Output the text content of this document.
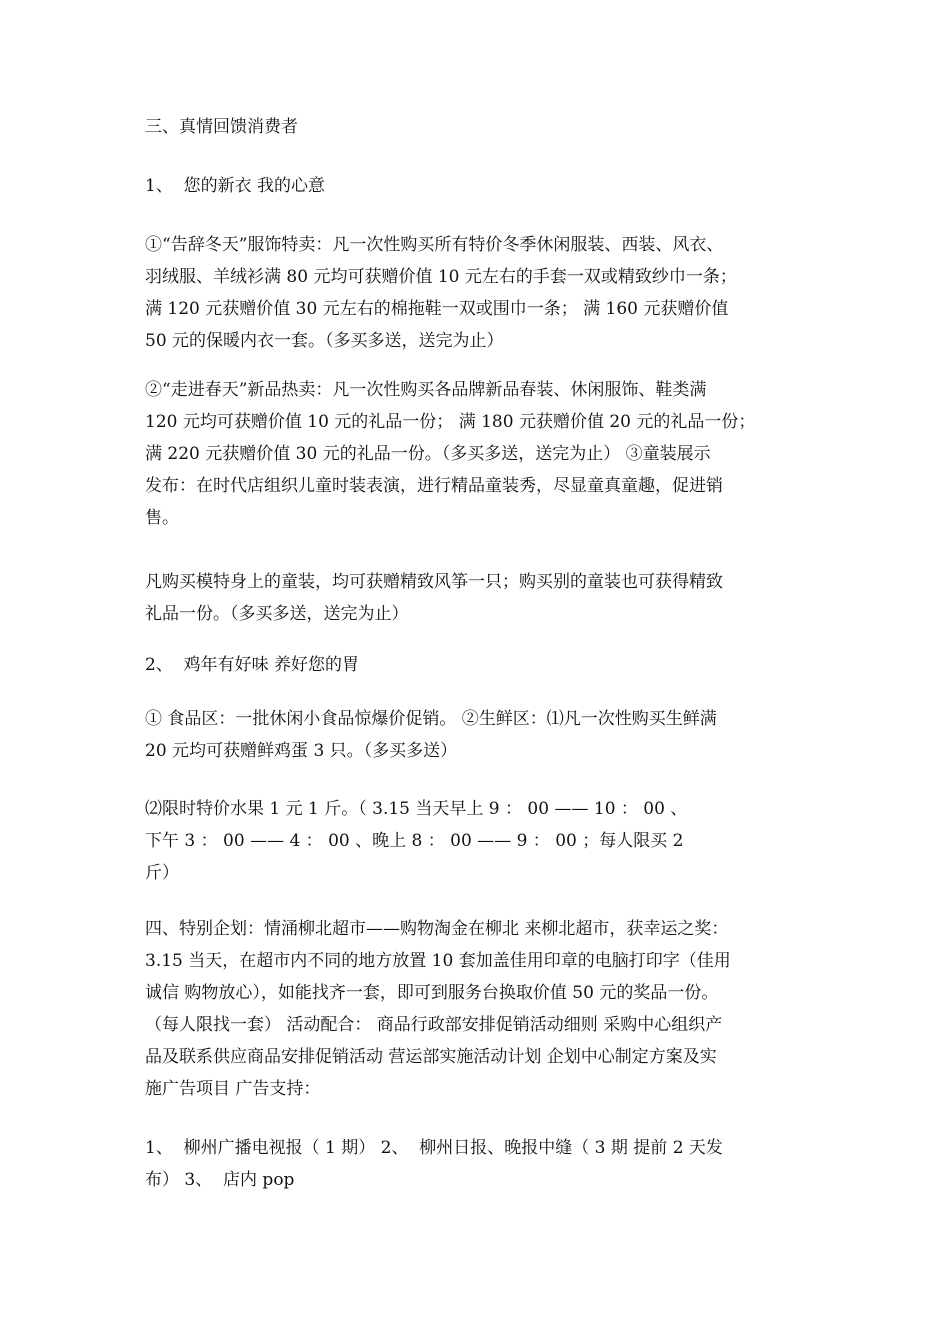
三、真情回馈消费者
1、  您的新衣 我的心意
①“告辞冬天”服饰特卖：凡一次性购买所有特价冬季休闲服装、西装、风衣、
羽绒服、羊绒衫满 80 元均可获赠价值 10 元左右的手套一双或精致纱巾一条；
满 120 元获赠价值 30 元左右的棉拖鞋一双或围巾一条； 满 160 元获赠价值
50 元的保暖内衣一套。（多买多送，送完为止）
②“走进春天”新品热卖：凡一次性购买各品牌新品春装、休闲服饰、鞋类满
120 元均可获赠价值 10 元的礼品一份； 满 180 元获赠价值 20 元的礼品一份；
满 220 元获赠价值 30 元的礼品一份。（多买多送，送完为止） ③童装展示
发布：在时代店组织儿童时装表演，进行精品童装秀，尽显童真童趣，促进销
售。
凡购买模特身上的童装，均可获赠精致风筝一只；购买别的童装也可获得精致
礼品一份。（多买多送，送完为止）
2、  鸡年有好味 养好您的胃
① 食品区：一批休闲小食品惊爆价促销。 ②生鲜区：⑴凡一次性购买生鲜满
20 元均可获赠鲜鸡蛋 3 只。（多买多送）
⑵限时特价水果 1 元 1 斤。（ 3.15 当天早上 9 ： 00 —— 10 ： 00 、
下午 3 ： 00 —— 4 ： 00 、晚上 8 ： 00 —— 9 ： 00 ；每人限买 2
斤）
四、特别企划：情涌柳北超市——购物淘金在柳北 来柳北超市，获幸运之奖：
3.15 当天，在超市内不同的地方放置 10 套加盖佳用印章的电脑打印字（佳用
诚信 购物放心），如能找齐一套，即可到服务台换取价值 50 元的奖品一份。
（每人限找一套） 活动配合： 商品行政部安排促销活动细则 采购中心组织产
品及联系供应商品安排促销活动 营运部实施活动计划 企划中心制定方案及实
施广告项目 广告支持：
1、  柳州广播电视报（ 1 期） 2、  柳州日报、晚报中缝（ 3 期 提前 2 天发
布） 3、  店内 pop
